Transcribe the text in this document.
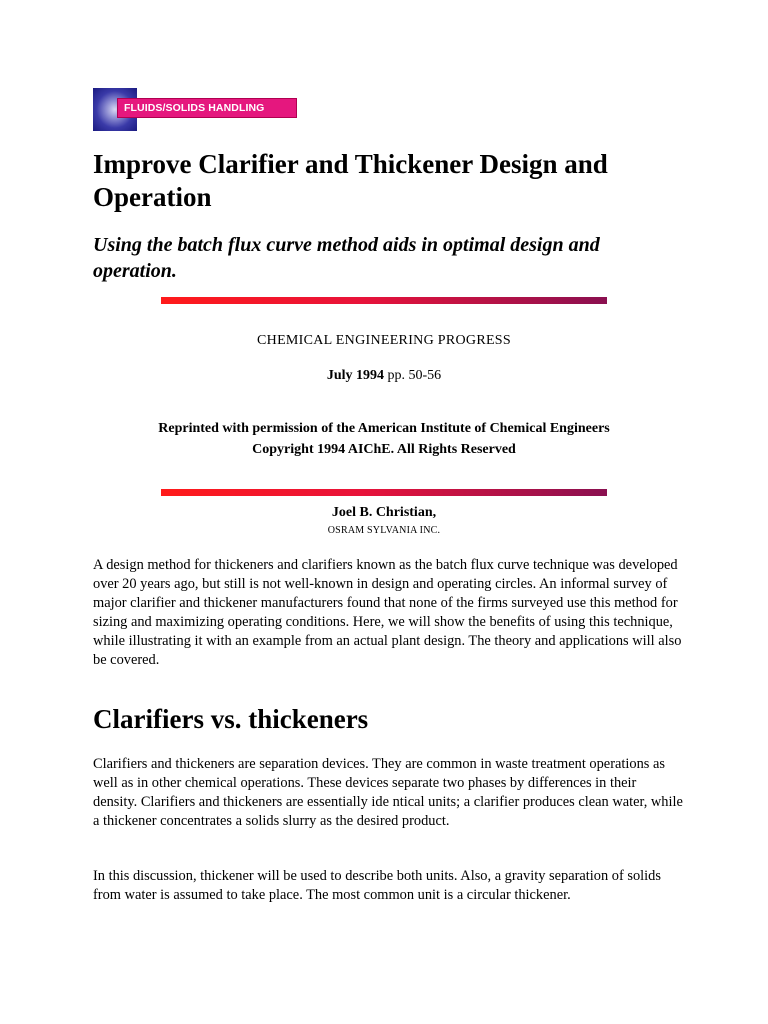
FLUIDS/SOLIDS HANDLING
Improve Clarifier and Thickener Design and Operation
Using the batch flux curve method aids in optimal design and operation.
CHEMICAL ENGINEERING PROGRESS
July 1994 pp. 50-56
Reprinted with permission of the American Institute of Chemical Engineers
Copyright 1994 AIChE. All Rights Reserved
Joel B. Christian,
OSRAM SYLVANIA INC.

A design method for thickeners and clarifiers known as the batch flux curve technique was developed over 20 years ago, but still is not well-known in design and operating circles. An informal survey of major clarifier and thickener manufacturers found that none of the firms surveyed use this method for sizing and maximizing operating conditions. Here, we will show the benefits of using this technique, while illustrating it with an example from an actual plant design. The theory and applications will also be covered.

Clarifiers vs. thickeners

Clarifiers and thickeners are separation devices. They are common in waste treatment operations as well as in other chemical operations. These devices separate two phases by differences in their density. Clarifiers and thickeners are essentially ide ntical units; a clarifier produces clean water, while a thickener concentrates a solids slurry as the desired product.

In this discussion, thickener will be used to describe both units. Also, a gravity separation of solids from water is assumed to take place. The most common unit is a circular thickener.
